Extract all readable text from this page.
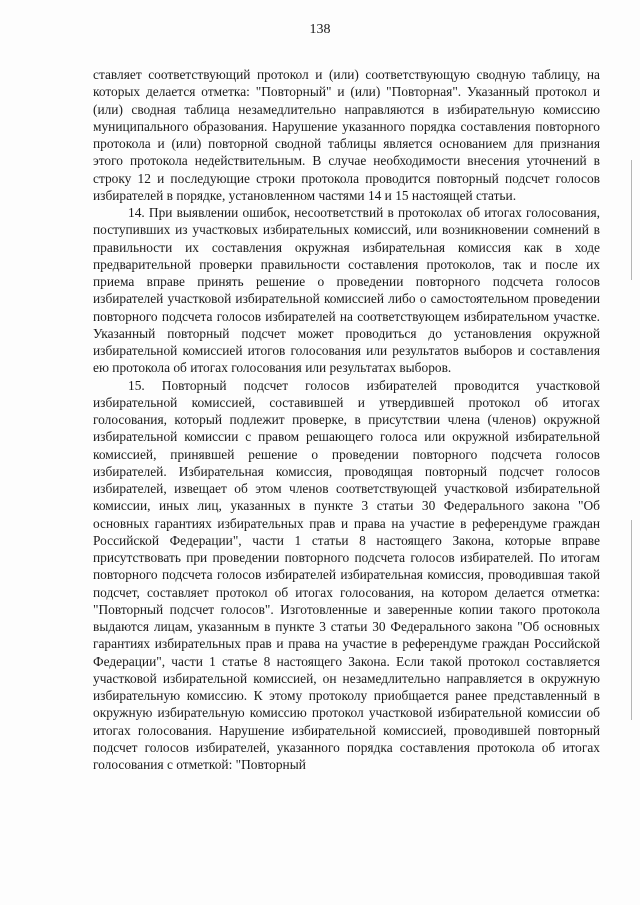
138

ставляет соответствующий протокол и (или) соответствующую сводную таблицу, на которых делается отметка: "Повторный" и (или) "Повторная". Указанный протокол и (или) сводная таблица незамедлительно направляются в избирательную комиссию муниципального образования. Нарушение указанного порядка составления повторного протокола и (или) повторной сводной таблицы является основанием для признания этого протокола недействительным. В случае необходимости внесения уточнений в строку 12 и последующие строки протокола проводится повторный подсчет голосов избирателей в порядке, установленном частями 14 и 15 настоящей статьи.

14. При выявлении ошибок, несоответствий в протоколах об итогах голосования, поступивших из участковых избирательных комиссий, или возникновении сомнений в правильности их составления окружная избирательная комиссия как в ходе предварительной проверки правильности составления протоколов, так и после их приема вправе принять решение о проведении повторного подсчета голосов избирателей участковой избирательной комиссией либо о самостоятельном проведении повторного подсчета голосов избирателей на соответствующем избирательном участке. Указанный повторный подсчет может проводиться до установления окружной избирательной комиссией итогов голосования или результатов выборов и составления ею протокола об итогах голосования или результатах выборов.

15. Повторный подсчет голосов избирателей проводится участковой избирательной комиссией, составившей и утвердившей протокол об итогах голосования, который подлежит проверке, в присутствии члена (членов) окружной избирательной комиссии с правом решающего голоса или окружной избирательной комиссией, принявшей решение о проведении повторного подсчета голосов избирателей. Избирательная комиссия, проводящая повторный подсчет голосов избирателей, извещает об этом членов соответствующей участковой избирательной комиссии, иных лиц, указанных в пункте 3 статьи 30 Федерального закона "Об основных гарантиях избирательных прав и права на участие в референдуме граждан Российской Федерации", части 1 статьи 8 настоящего Закона, которые вправе присутствовать при проведении повторного подсчета голосов избирателей. По итогам повторного подсчета голосов избирателей избирательная комиссия, проводившая такой подсчет, составляет протокол об итогах голосования, на котором делается отметка: "Повторный подсчет голосов". Изготовленные и заверенные копии такого протокола выдаются лицам, указанным в пункте 3 статьи 30 Федерального закона "Об основных гарантиях избирательных прав и права на участие в референдуме граждан Российской Федерации", части 1 статье 8 настоящего Закона. Если такой протокол составляется участковой избирательной комиссией, он незамедлительно направляется в окружную избирательную комиссию. К этому протоколу приобщается ранее представленный в окружную избирательную комиссию протокол участковой избирательной комиссии об итогах голосования. Нарушение избирательной комиссией, проводившей повторный подсчет голосов избирателей, указанного порядка составления протокола об итогах голосования с отметкой: "Повторный
